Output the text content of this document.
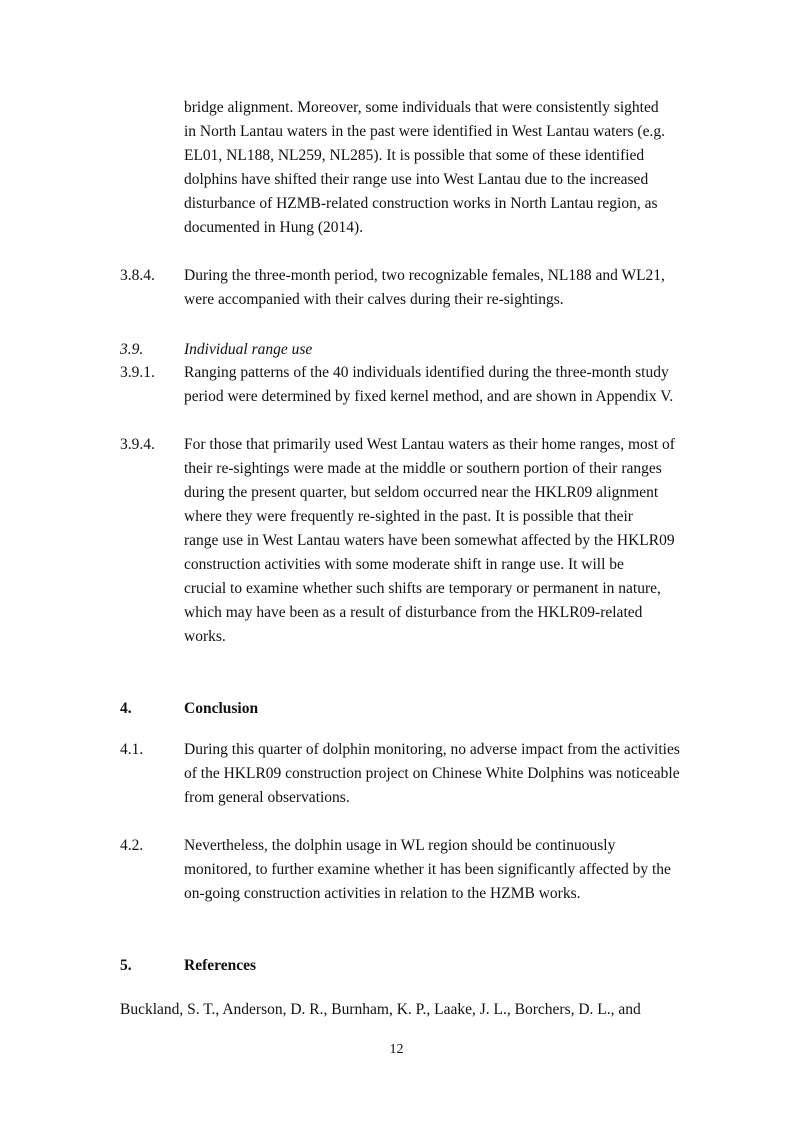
bridge alignment. Moreover, some individuals that were consistently sighted
in North Lantau waters in the past were identified in West Lantau waters (e.g.
EL01, NL188, NL259, NL285). It is possible that some of these identified
dolphins have shifted their range use into West Lantau due to the increased
disturbance of HZMB-related construction works in North Lantau region, as
documented in Hung (2014).
3.8.4. During the three-month period, two recognizable females, NL188 and WL21,
were accompanied with their calves during their re-sightings.
3.9.	Individual range use
3.9.1. Ranging patterns of the 40 individuals identified during the three-month study
period were determined by fixed kernel method, and are shown in Appendix V.
3.9.4. For those that primarily used West Lantau waters as their home ranges, most of
their re-sightings were made at the middle or southern portion of their ranges
during the present quarter, but seldom occurred near the HKLR09 alignment
where they were frequently re-sighted in the past. It is possible that their
range use in West Lantau waters have been somewhat affected by the HKLR09
construction activities with some moderate shift in range use. It will be
crucial to examine whether such shifts are temporary or permanent in nature,
which may have been as a result of disturbance from the HKLR09-related
works.
4.	Conclusion
4.1.	During this quarter of dolphin monitoring, no adverse impact from the activities
of the HKLR09 construction project on Chinese White Dolphins was noticeable
from general observations.
4.2.	Nevertheless, the dolphin usage in WL region should be continuously
monitored, to further examine whether it has been significantly affected by the
on-going construction activities in relation to the HZMB works.
5.	References
Buckland, S. T., Anderson, D. R., Burnham, K. P., Laake, J. L., Borchers, D. L., and
12
